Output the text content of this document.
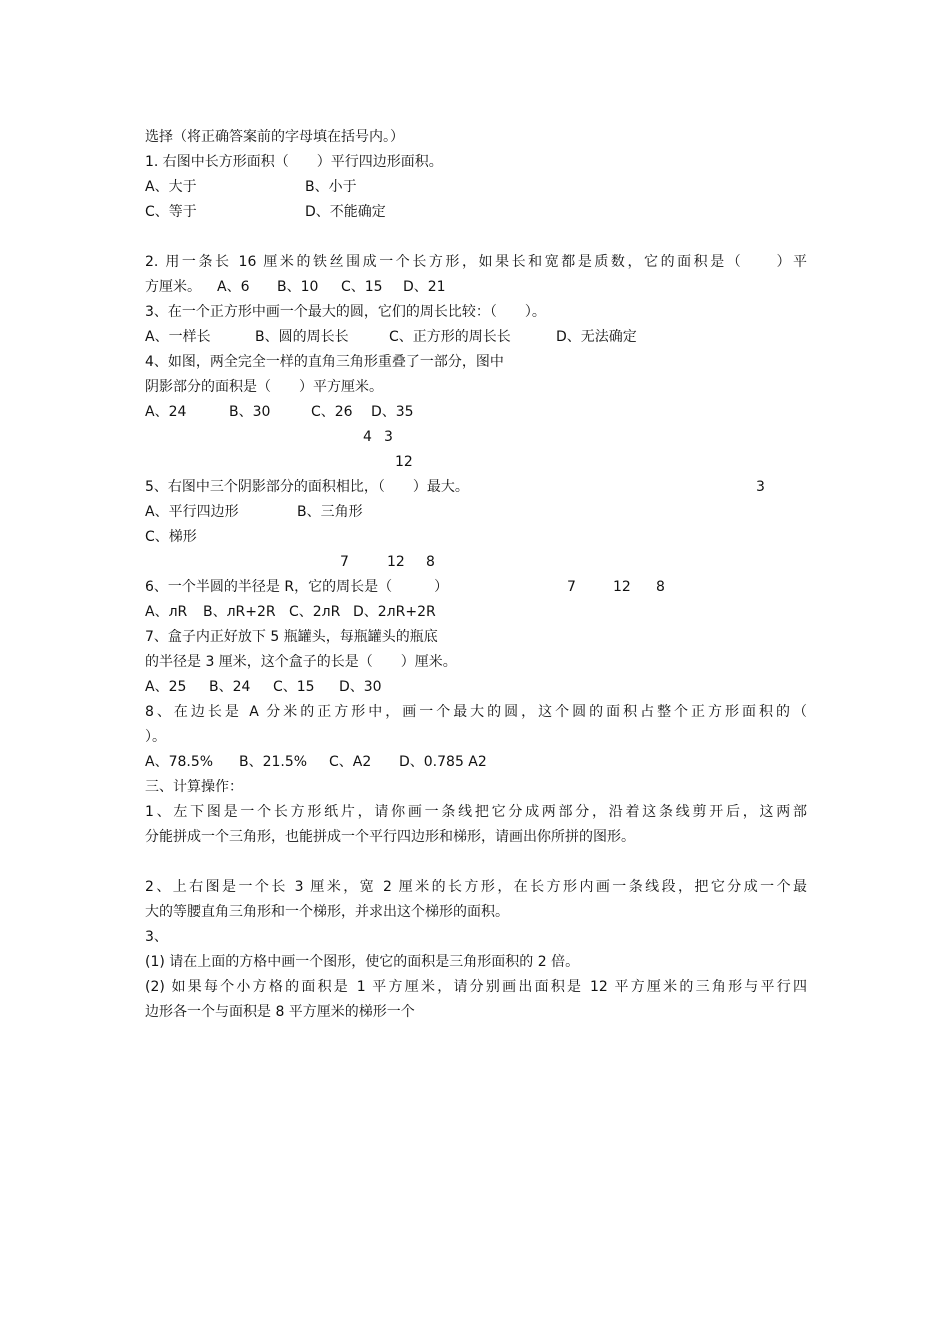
选择（将正确答案前的字母填在括号内。）
1. 右图中长方形面积（　　）平行四边形面积。
A、大于	B、小于
C、等于	D、不能确定
2. 用一条长 16 厘米的铁丝围成一个长方形，如果长和宽都是质数，它的面积是（　　）平
方厘米。 A、6 B、10 C、15 D、21
3、在一个正方形中画一个最大的圆，它们的周长比较：（　　）。
A、一样长	B、圆的周长长	C、正方形的周长长	D、无法确定
4、如图，两全完全一样的直角三角形重叠了一部分，图中
阴影部分的面积是（　　）平方厘米。
A、24	B、30	C、26 D、35
4 3
12
5、右图中三个阴影部分的面积相比，（　　）最大。	3
A、平行四边形	B、三角形
C、梯形
7	12 8
6、一个半圆的半径是 R，它的周长是（　　　）	7	12 8
A、лR B、лR+2R C、2лR D、2лR+2R
7、盒子内正好放下 5 瓶罐头，每瓶罐头的瓶底
的半径是 3 厘米，这个盒子的长是（　　）厘米。
A、25 B、24 C、15 D、30
8、在边长是 A 分米的正方形中，画一个最大的圆，这个圆的面积占整个正方形面积的（
）。
A、78.5% B、21.5% C、A2 D、0.785 A2
三、计算操作：
1、左下图是一个长方形纸片，请你画一条线把它分成两部分，沿着这条线剪开后，这两部
分能拼成一个三角形，也能拼成一个平行四边形和梯形，请画出你所拼的图形。
2、上右图是一个长 3 厘米，宽 2 厘米的长方形，在长方形内画一条线段，把它分成一个最
大的等腰直角三角形和一个梯形，并求出这个梯形的面积。
3、
(1) 请在上面的方格中画一个图形，使它的面积是三角形面积的 2 倍。
(2) 如果每个小方格的面积是 1 平方厘米，请分别画出面积是 12 平方厘米的三角形与平行四
边形各一个与面积是 8 平方厘米的梯形一个
